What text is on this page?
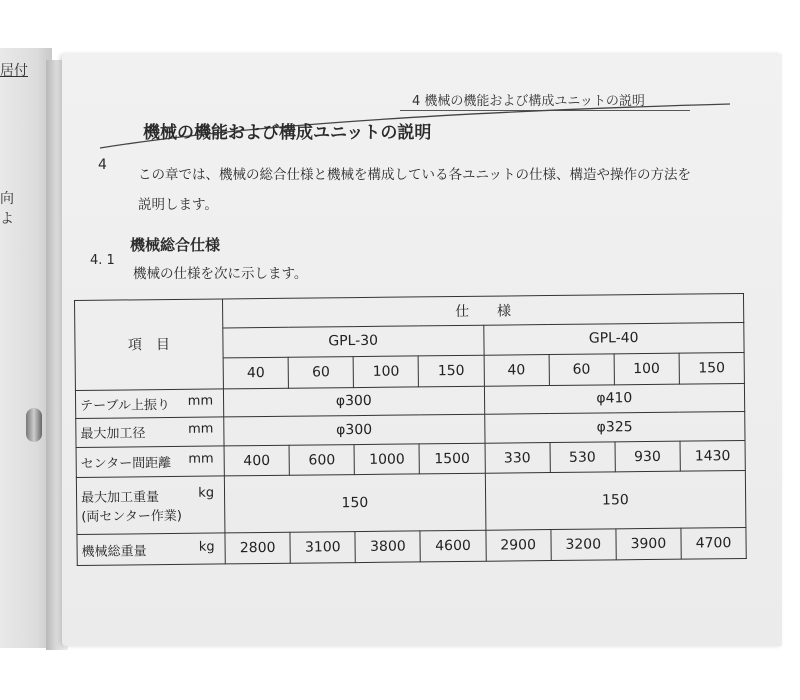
居付
向
よ

4 機械の機能および構成ユニットの説明
4
機械の機能および構成ユニットの説明
この章では、機械の総合仕様と機械を構成している各ユニットの仕様、構造や操作の方法を説明します。
4. 1
機械総合仕様
機械の仕様を次に示します。
項　目	仕　　様							
	GPL-30				GPL-40			
	40	60	100	150	40	60	100	150
テーブル上振り mm	φ300				φ410			
最大加工径 mm	φ300				φ325			
センター間距離 mm	400	600	1000	1500	330	530	930	1430

最大加工重量 kg
(両センター作業)	150				150			
機械総重量 kg	2800	3100	3800	4600	2900	3200	3900	4700
